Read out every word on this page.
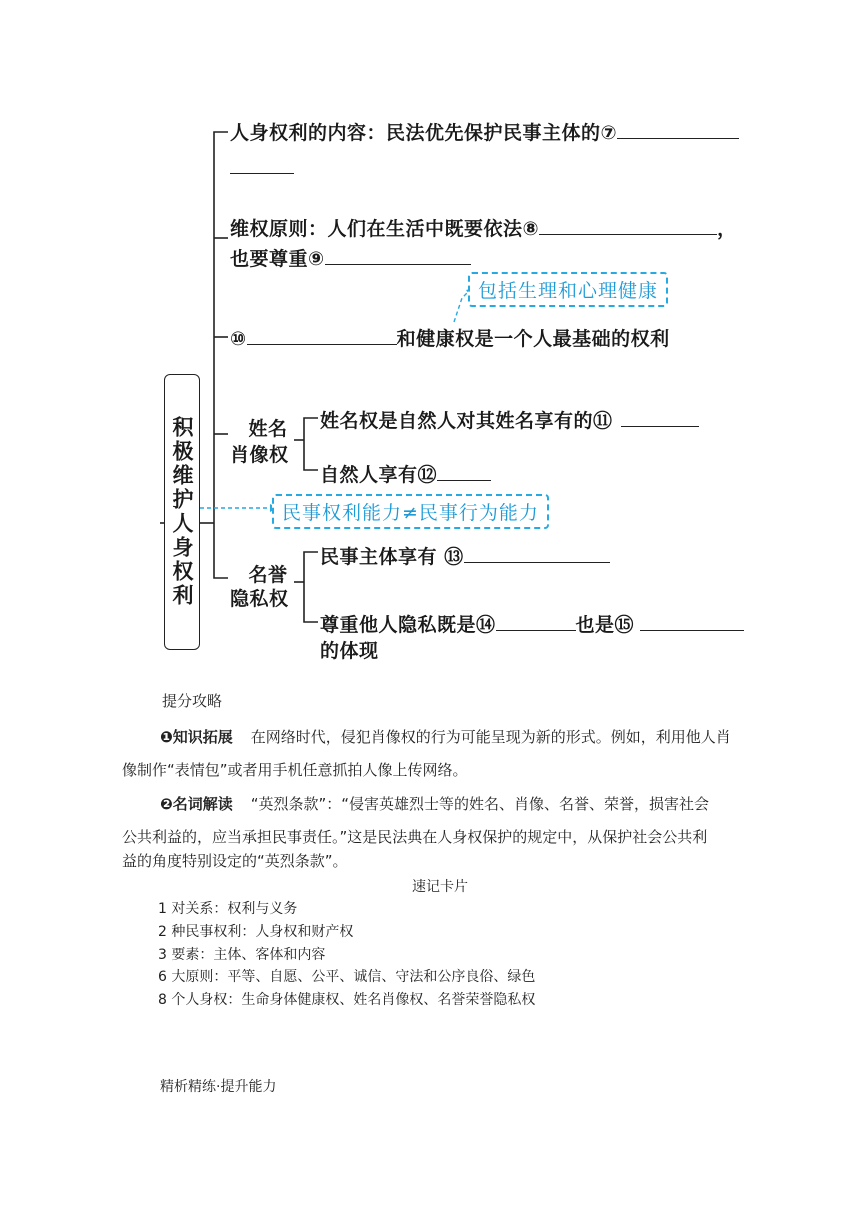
积极维护人身权利
人身权利的内容：民法优先保护民事主体的⑦
维权原则：人们在生活中既要依法⑧	，
也要尊重⑨
包括生理和心理健康
⑩	和健康权是一个人最基础的权利
姓名
肖像权
姓名权是自然人对其姓名享有的⑪
自然人享有⑫
民事权利能力≠民事行为能力
名誉
隐私权
民事主体享有 ⑬
尊重他人隐私既是⑭	也是⑮
的体现
提分攻略
❶知识拓展 在网络时代，侵犯肖像权的行为可能呈现为新的形式。例如，利用他人肖
像制作“表情包”或者用手机任意抓拍人像上传网络。
❷名词解读 “英烈条款”：“侵害英雄烈士等的姓名、肖像、名誉、荣誉，损害社会
公共利益的，应当承担民事责任。”这是民法典在人身权保护的规定中，从保护社会公共利
益的角度特别设定的“英烈条款”。
速记卡片
1 对关系：权利与义务
2 种民事权利：人身权和财产权
3 要素：主体、客体和内容
6 大原则：平等、自愿、公平、诚信、守法和公序良俗、绿色
8 个人身权：生命身体健康权、姓名肖像权、名誉荣誉隐私权
精析精练·提升能力
